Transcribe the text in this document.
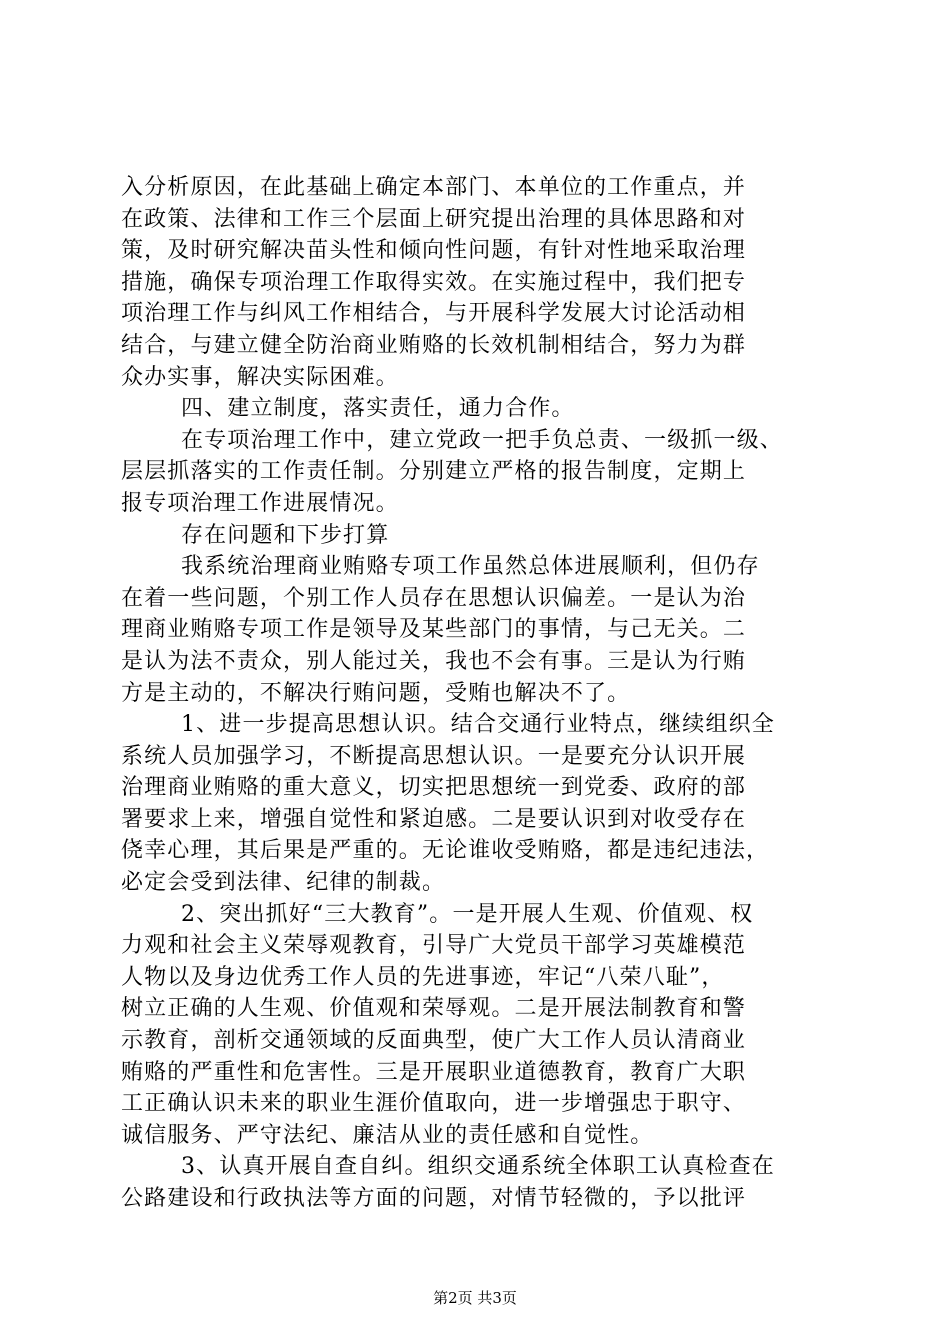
入分析原因，在此基础上确定本部门、本单位的工作重点，并
在政策、法律和工作三个层面上研究提出治理的具体思路和对
策，及时研究解决苗头性和倾向性问题，有针对性地采取治理
措施，确保专项治理工作取得实效。在实施过程中，我们把专
项治理工作与纠风工作相结合，与开展科学发展大讨论活动相
结合，与建立健全防治商业贿赂的长效机制相结合，努力为群
众办实事，解决实际困难。
四、建立制度，落实责任，通力合作。
在专项治理工作中，建立党政一把手负总责、一级抓一级、
层层抓落实的工作责任制。分别建立严格的报告制度，定期上
报专项治理工作进展情况。
存在问题和下步打算
我系统治理商业贿赂专项工作虽然总体进展顺利，但仍存
在着一些问题，个别工作人员存在思想认识偏差。一是认为治
理商业贿赂专项工作是领导及某些部门的事情，与己无关。二
是认为法不责众，别人能过关，我也不会有事。三是认为行贿
方是主动的，不解决行贿问题，受贿也解决不了。
1、进一步提高思想认识。结合交通行业特点，继续组织全
系统人员加强学习，不断提高思想认识。一是要充分认识开展
治理商业贿赂的重大意义，切实把思想统一到党委、政府的部
署要求上来，增强自觉性和紧迫感。二是要认识到对收受存在
侥幸心理，其后果是严重的。无论谁收受贿赂，都是违纪违法，
必定会受到法律、纪律的制裁。
2、突出抓好“三大教育”。一是开展人生观、价值观、权
力观和社会主义荣辱观教育，引导广大党员干部学习英雄模范
人物以及身边优秀工作人员的先进事迹，牢记“八荣八耻”，
树立正确的人生观、价值观和荣辱观。二是开展法制教育和警
示教育，剖析交通领域的反面典型，使广大工作人员认清商业
贿赂的严重性和危害性。三是开展职业道德教育，教育广大职
工正确认识未来的职业生涯价值取向，进一步增强忠于职守、
诚信服务、严守法纪、廉洁从业的责任感和自觉性。
3、认真开展自查自纠。组织交通系统全体职工认真检查在
公路建设和行政执法等方面的问题，对情节轻微的，予以批评
第2页 共3页
